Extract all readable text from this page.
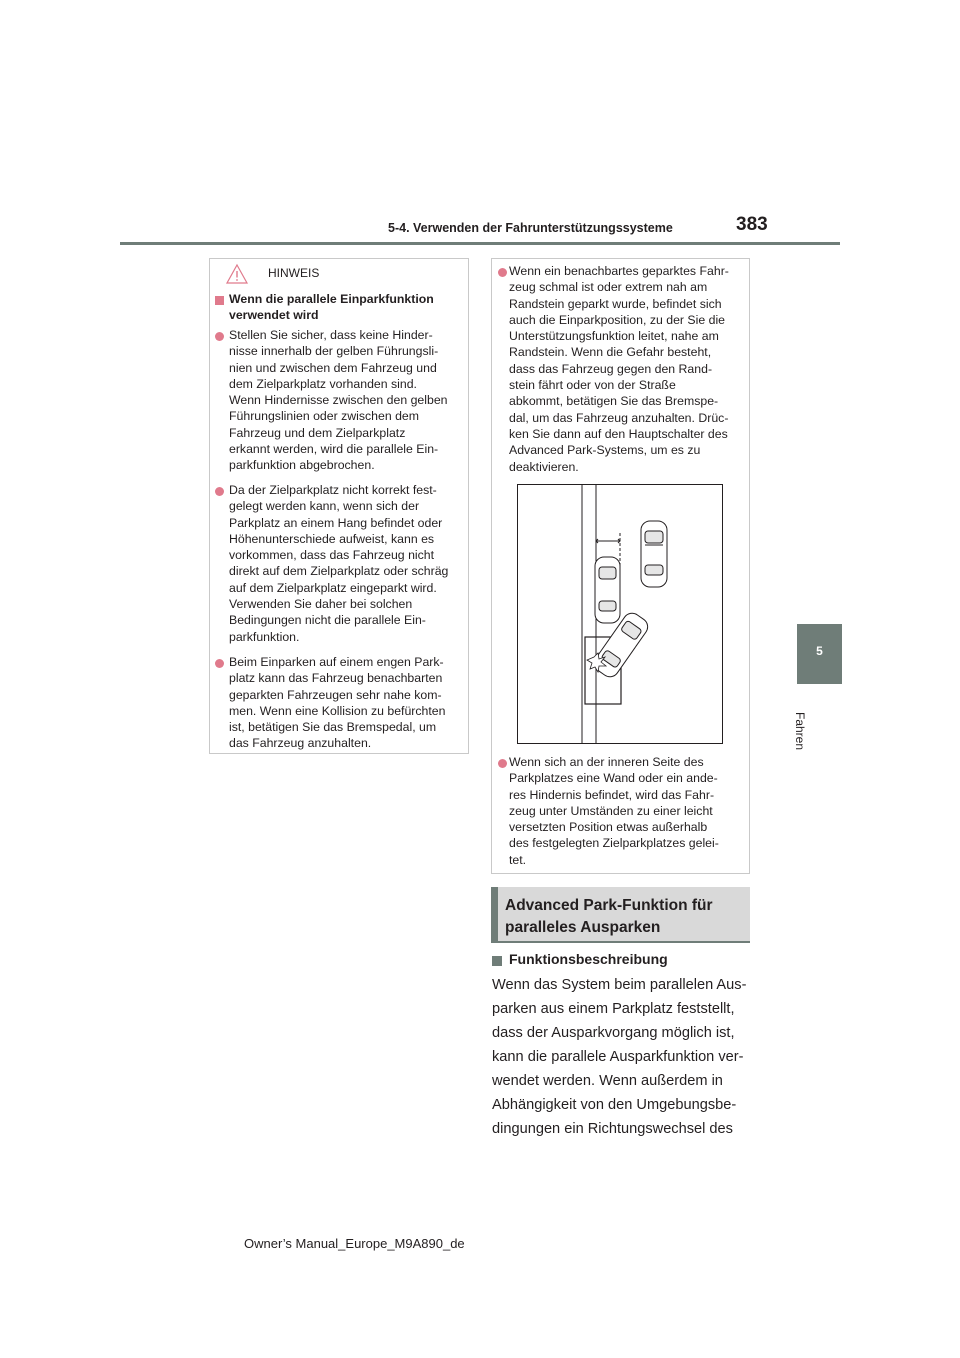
5-4. Verwenden der Fahrunterstützungssysteme	383
5
Fahren
HINWEIS
Wenn die parallele Einparkfunktion
verwendet wird
Stellen Sie sicher, dass keine Hinder-
nisse innerhalb der gelben Führungsli-
nien und zwischen dem Fahrzeug und
dem Zielparkplatz vorhanden sind.
Wenn Hindernisse zwischen den gelben
Führungslinien oder zwischen dem
Fahrzeug und dem Zielparkplatz
erkannt werden, wird die parallele Ein-
parkfunktion abgebrochen.
Da der Zielparkplatz nicht korrekt fest-
gelegt werden kann, wenn sich der
Parkplatz an einem Hang befindet oder
Höhenunterschiede aufweist, kann es
vorkommen, dass das Fahrzeug nicht
direkt auf dem Zielparkplatz oder schräg
auf dem Zielparkplatz eingeparkt wird.
Verwenden Sie daher bei solchen
Bedingungen nicht die parallele Ein-
parkfunktion.
Beim Einparken auf einem engen Park-
platz kann das Fahrzeug benachbarten
geparkten Fahrzeugen sehr nahe kom-
men. Wenn eine Kollision zu befürchten
ist, betätigen Sie das Bremspedal, um
das Fahrzeug anzuhalten.
Wenn ein benachbartes geparktes Fahr-
zeug schmal ist oder extrem nah am
Randstein geparkt wurde, befindet sich
auch die Einparkposition, zu der Sie die
Unterstützungsfunktion leitet, nahe am
Randstein. Wenn die Gefahr besteht,
dass das Fahrzeug gegen den Rand-
stein fährt oder von der Straße
abkommt, betätigen Sie das Bremspe-
dal, um das Fahrzeug anzuhalten. Drüc-
ken Sie dann auf den Hauptschalter des
Advanced Park-Systems, um es zu
deaktivieren.
Wenn sich an der inneren Seite des
Parkplatzes eine Wand oder ein ande-
res Hindernis befindet, wird das Fahr-
zeug unter Umständen zu einer leicht
versetzten Position etwas außerhalb
des festgelegten Zielparkplatzes gelei-
tet.
Advanced Park-Funktion für
paralleles Ausparken
Funktionsbeschreibung
Wenn das System beim parallelen Aus-
parken aus einem Parkplatz feststellt,
dass der Ausparkvorgang möglich ist,
kann die parallele Ausparkfunktion ver-
wendet werden. Wenn außerdem in
Abhängigkeit von den Umgebungsbe-
dingungen ein Richtungswechsel des
Owner’s Manual_Europe_M9A890_de
